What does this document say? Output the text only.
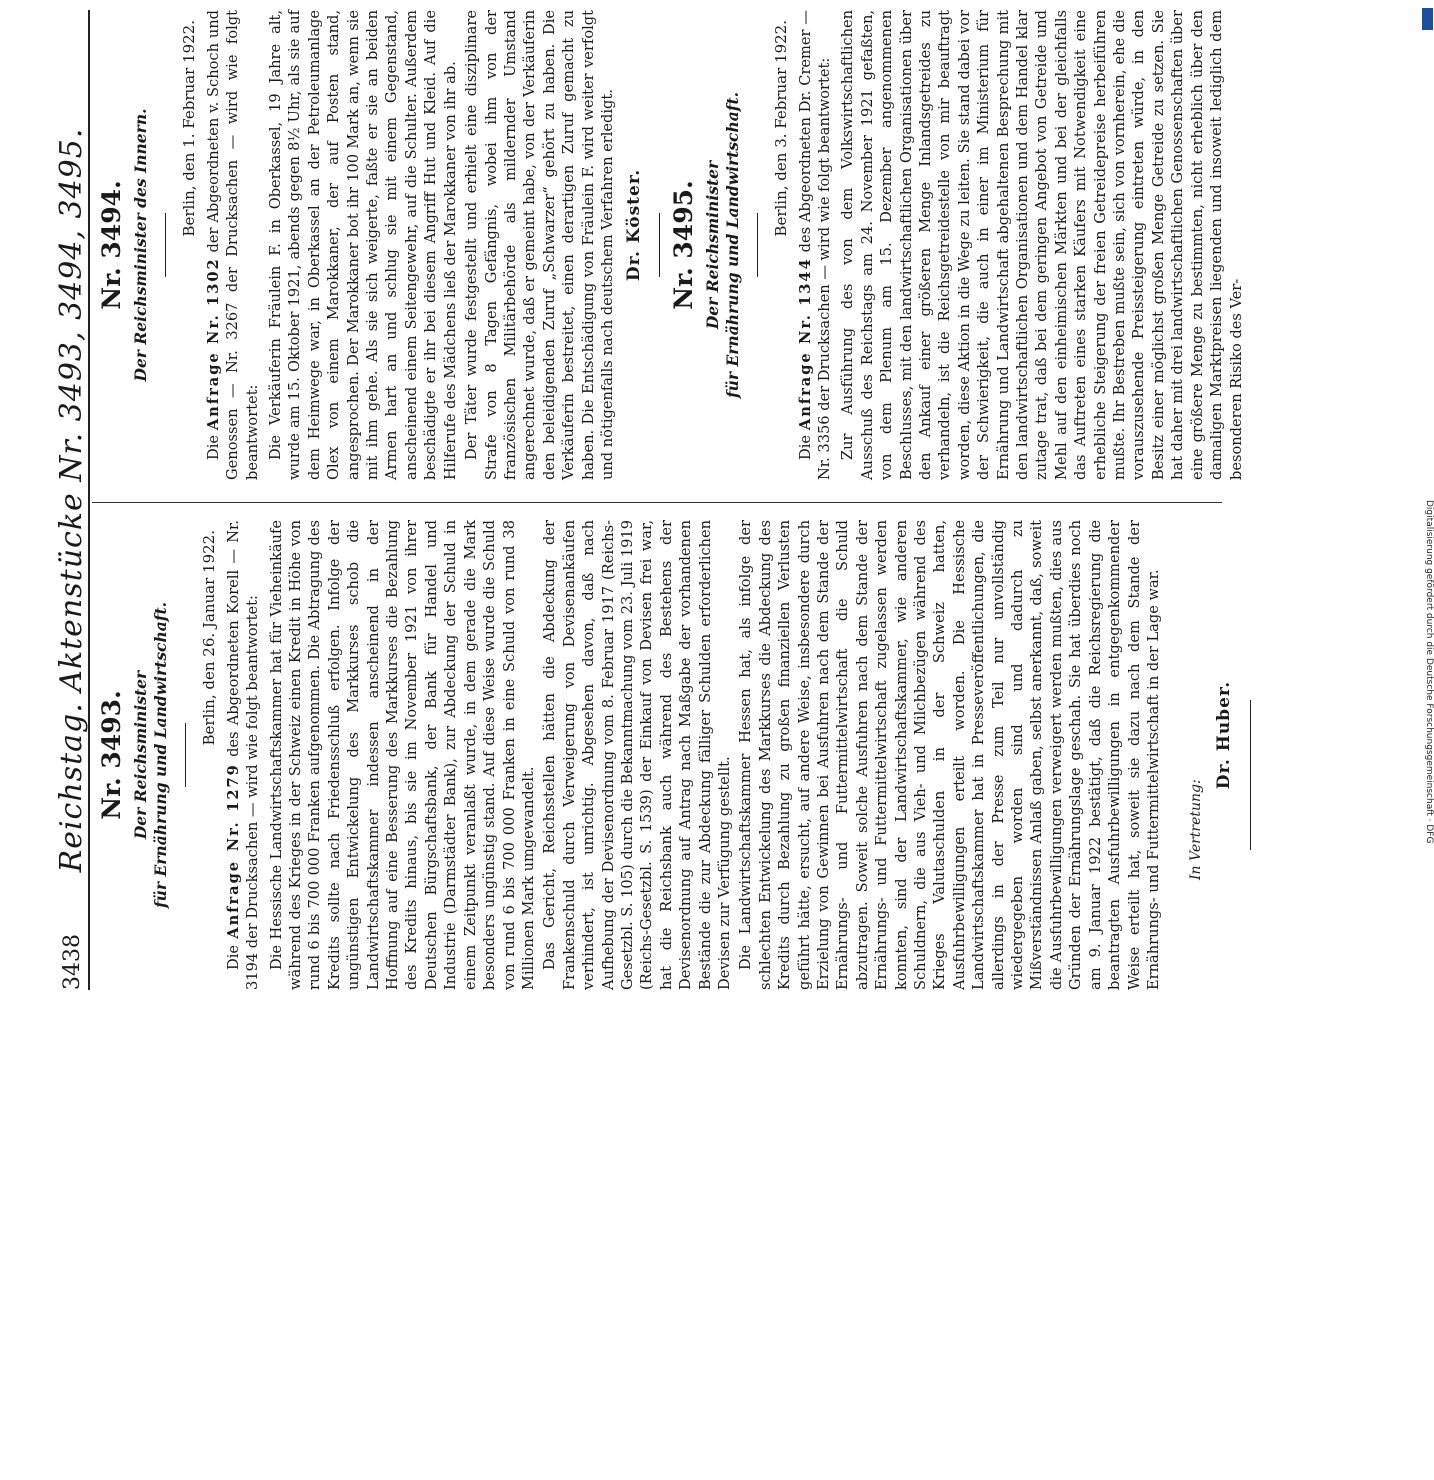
3438
Reichstag. Aktenstücke Nr. 3493, 3494, 3495. Nr. 3493. Der Reichsminister für Ernährung und Landwirtschaft. Berlin, den 26. Januar 1922.

Die Anfrage Nr. 1279 des Abgeordneten Korell — Nr. 3194 der Drucksachen — wird wie folgt beantwortet: Die Hessische Landwirtschaftskammer hat für Vieheinkäufe während des Krieges in der Schweiz einen Kredit in Höhe von rund 6 bis 700 000 Franken aufgenommen. Die Abtragung des Kredits sollte nach Friedensschluß erfolgen. Infolge der ungünstigen Entwickelung des Markkurses schob die Landwirtschaftskammer indessen anscheinend in der Hoffnung auf eine Besserung des Markkurses die Bezahlung des Kredits hinaus, bis sie im November 1921 von ihrer Deutschen Bürgschaftsbank, der Bank für Handel und Industrie (Darmstädter Bank), zur Abdeckung der Schuld in einem Zeitpunkt veranlaßt wurde, in dem gerade die Mark besonders ungünstig stand. Auf diese Weise wurde die Schuld von rund 6 bis 700 000 Franken in eine Schuld von rund 38 Millionen Mark umgewandelt. Das Gericht, Reichsstellen hätten die Abdeckung der Frankenschuld durch Verweigerung von Devisenankäufen verhindert, ist unrichtig. Abgesehen davon, daß nach Aufhebung der Devisenordnung vom 8. Februar 1917 (Reichs-Gesetzbl. S. 105) durch die Bekanntmachung vom 23. Juli 1919 (Reichs-Gesetzbl. S. 1539) der Einkauf von Devisen frei war, hat die Reichsbank auch während des Bestehens der Devisenordnung auf Antrag nach Maßgabe der vorhandenen Bestände die zur Abdeckung fälliger Schulden erforderlichen Devisen zur Verfügung gestellt. Die Landwirtschaftskammer Hessen hat, als infolge der schlechten Entwickelung des Markkurses die Abdeckung des Kredits durch Bezahlung zu großen finanziellen Verlusten geführt hätte, ersucht, auf andere Weise, insbesondere durch Erzielung von Gewinnen bei Ausfuhren nach dem Stande der Ernährungs- und Futtermittelwirtschaft die Schuld abzutragen. Soweit solche Ausfuhren nach dem Stande der Ernährungs- und Futtermittelwirtschaft zugelassen werden konnten, sind der Landwirtschaftskammer, wie anderen Schuldnern, die aus Vieh- und Milchbezügen während des Krieges Valutaschulden in der Schweiz hatten, Ausfuhrbewilligungen erteilt worden. Die Hessische Landwirtschaftskammer hat in Presseveröffentlichungen, die allerdings in der Presse zum Teil nur unvollständig wiedergegeben worden sind und dadurch zu Mißverständnissen Anlaß gaben, selbst anerkannt, daß, soweit die Ausfuhrbewilligungen verweigert werden mußten, dies aus Gründen der Ernährungslage geschah. Sie hat überdies noch am 9. Januar 1922 bestätigt, daß die Reichsregierung die beantragten Ausfuhrbewilligungen in entgegenkommender Weise erteilt hat, soweit sie dazu nach dem Stande der Ernährungs- und Futtermittelwirtschaft in der Lage war. In Vertretung:

Dr. Huber.

Nr. 3494. Der Reichsminister des Innern. Berlin, den 1. Februar 1922.

Die Anfrage Nr. 1302 der Abgeordneten v. Schoch und Genossen — Nr. 3267 der Drucksachen — wird wie folgt beantwortet: Die Verkäuferin Fräulein F. in Oberkassel, 19 Jahre alt, wurde am 15. Oktober 1921, abends gegen 8½ Uhr, als sie auf dem Heimwege war, in Oberkassel an der Petroleumanlage Olex von einem Marokkaner, der auf Posten stand, angesprochen. Der Marokkaner bot ihr 100 Mark an, wenn sie mit ihm gehe. Als sie sich weigerte, faßte er sie an beiden Armen hart an und schlug sie mit einem Gegenstand, anscheinend einem Seitengewehr, auf die Schulter. Außerdem beschädigte er ihr bei diesem Angriff Hut und Kleid. Auf die Hilferufe des Mädchens ließ der Marokkaner von ihr ab. Der Täter wurde festgestellt und erhielt eine disziplinare Strafe von 8 Tagen Gefängnis, wobei ihm von der französischen Militärbehörde als mildernder Umstand angerechnet wurde, daß er gemeint habe, von der Verkäuferin den beleidigenden Zuruf „Schwarzer“ gehört zu haben. Die Verkäuferin bestreitet, einen derartigen Zuruf gemacht zu haben. Die Entschädigung von Fräulein F. wird weiter verfolgt und nötigenfalls nach deutschem Verfahren erledigt. Dr. Köster. Nr. 3495. Der Reichsminister für Ernährung und Landwirtschaft. Berlin, den 3. Februar 1922.

Die Anfrage Nr. 1344 des Abgeordneten Dr. Cremer — Nr. 3356 der Drucksachen — wird wie folgt beantwortet: Zur Ausführung des von dem Volkswirtschaftlichen Ausschuß des Reichstags am 24. November 1921 gefaßten, von dem Plenum am 15. Dezember angenommenen Beschlusses, mit den landwirtschaftlichen Organisationen über den Ankauf einer größeren Menge Inlandsgetreides zu verhandeln, ist die Reichsgetreidestelle von mir beauftragt worden, diese Aktion in die Wege zu leiten. Sie stand dabei vor der Schwierigkeit, die auch in einer im Ministerium für Ernährung und Landwirtschaft abgehaltenen Besprechung mit den landwirtschaftlichen Organisationen und dem Handel klar zutage trat, daß bei dem geringen Angebot von Getreide und Mehl auf den einheimischen Märkten und bei der gleichfalls das Auftreten eines starken Käufers mit Notwendigkeit eine erhebliche Steigerung der freien Getreidepreise herbeiführen mußte. Ihr Bestreben mußte sein, sich von vornherein, ehe die vorauszusehende Preissteigerung eintreten würde, in den Besitz einer möglichst großen Menge Getreide zu setzen. Sie hat daher mit drei landwirtschaftlichen Genossenschaften über eine größere Menge zu bestimmten, nicht erheblich über den damaligen Marktpreisen liegenden und insoweit lediglich dem besonderen Risiko des Ver-

Digitalisierung gefördert durch die Deutsche Forschungsgemeinschaft · DFG
